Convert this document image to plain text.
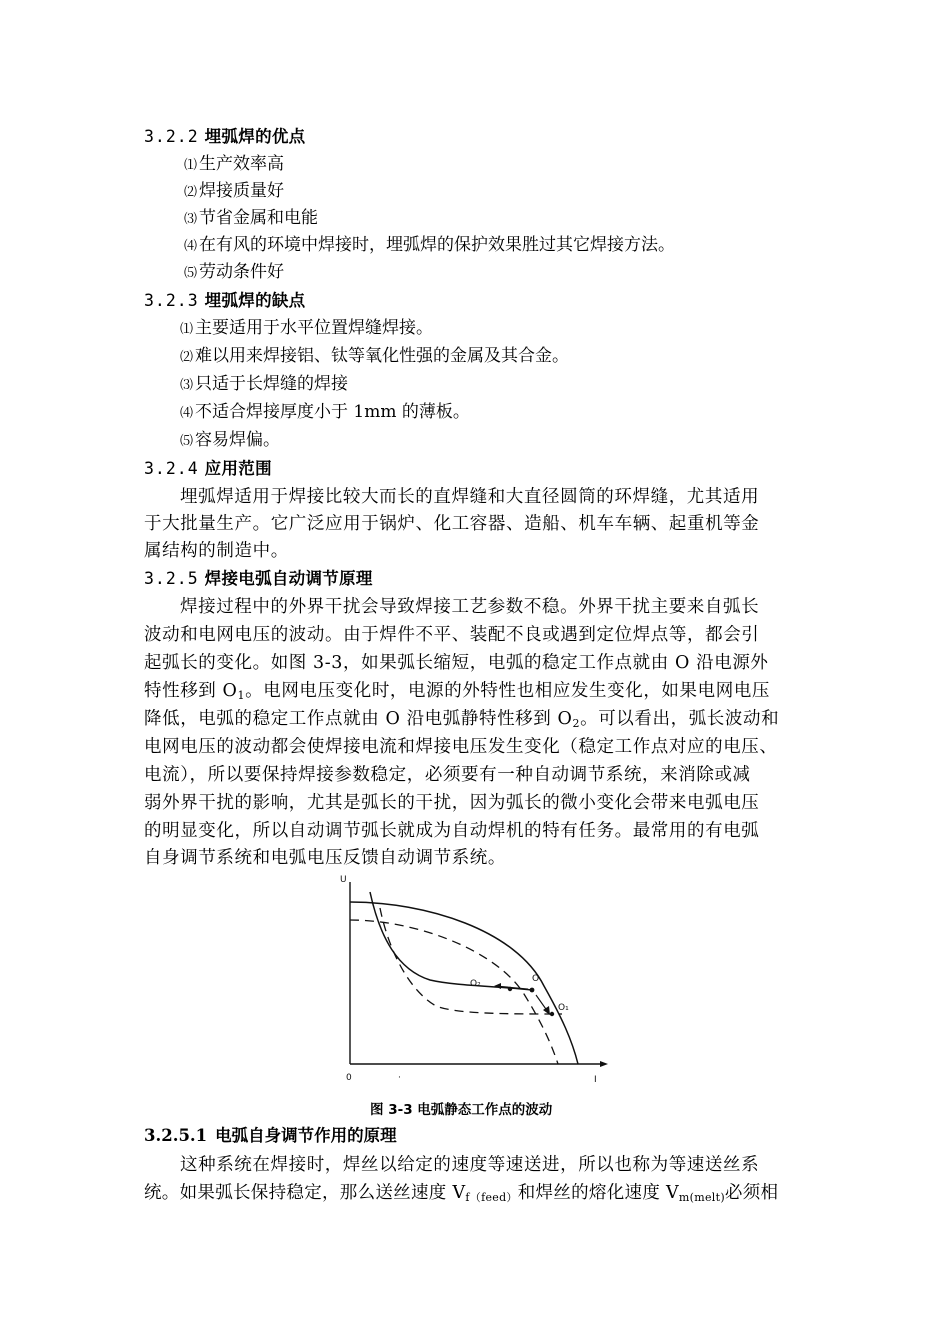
3.2.2 埋弧焊的优点
⑴ 生产效率高
⑵ 焊接质量好
⑶ 节省金属和电能
⑷ 在有风的环境中焊接时，埋弧焊的保护效果胜过其它焊接方法。
⑸ 劳动条件好
3.2.3 埋弧焊的缺点
⑴ 主要适用于水平位置焊缝焊接。
⑵ 难以用来焊接铝、钛等氧化性强的金属及其合金。
⑶ 只适于长焊缝的焊接
⑷ 不适合焊接厚度小于 1mm 的薄板。
⑸ 容易焊偏。
3.2.4 应用范围
埋弧焊适用于焊接比较大而长的直焊缝和大直径圆筒的环焊缝，尤其适用
于大批量生产。它广泛应用于锅炉、化工容器、造船、机车车辆、起重机等金
属结构的制造中。
3.2.5 焊接电弧自动调节原理
焊接过程中的外界干扰会导致焊接工艺参数不稳。外界干扰主要来自弧长
波动和电网电压的波动。由于焊件不平、装配不良或遇到定位焊点等，都会引
起弧长的变化。如图 3-3，如果弧长缩短，电弧的稳定工作点就由 O 沿电源外
特性移到 $O_1$。电网电压变化时，电源的外特性也相应发生变化，如果电网电压
降低，电弧的稳定工作点就由 O 沿电弧静特性移到 $O_2$。可以看出，弧长波动和
电网电压的波动都会使焊接电流和焊接电压发生变化（稳定工作点对应的电压、
电流），所以要保持焊接参数稳定，必须要有一种自动调节系统，来消除或减
弱外界干扰的影响，尤其是弧长的干扰，因为弧长的微小变化会带来电弧电压
的明显变化，所以自动调节弧长就成为自动焊机的特有任务。最常用的有电弧
自身调节系统和电弧电压反馈自动调节系统。
U
I
0	·
O
O₂
O₁
图 3-3 电弧静态工作点的波动
3.2.5.1 电弧自身调节作用的原理
这种系统在焊接时，焊丝以给定的速度等速送进，所以也称为等速送丝系
统。如果弧长保持稳定，那么送丝速度 $V_{f(feed)}$和焊丝的熔化速度 $V_{m(melt)}$必须相
